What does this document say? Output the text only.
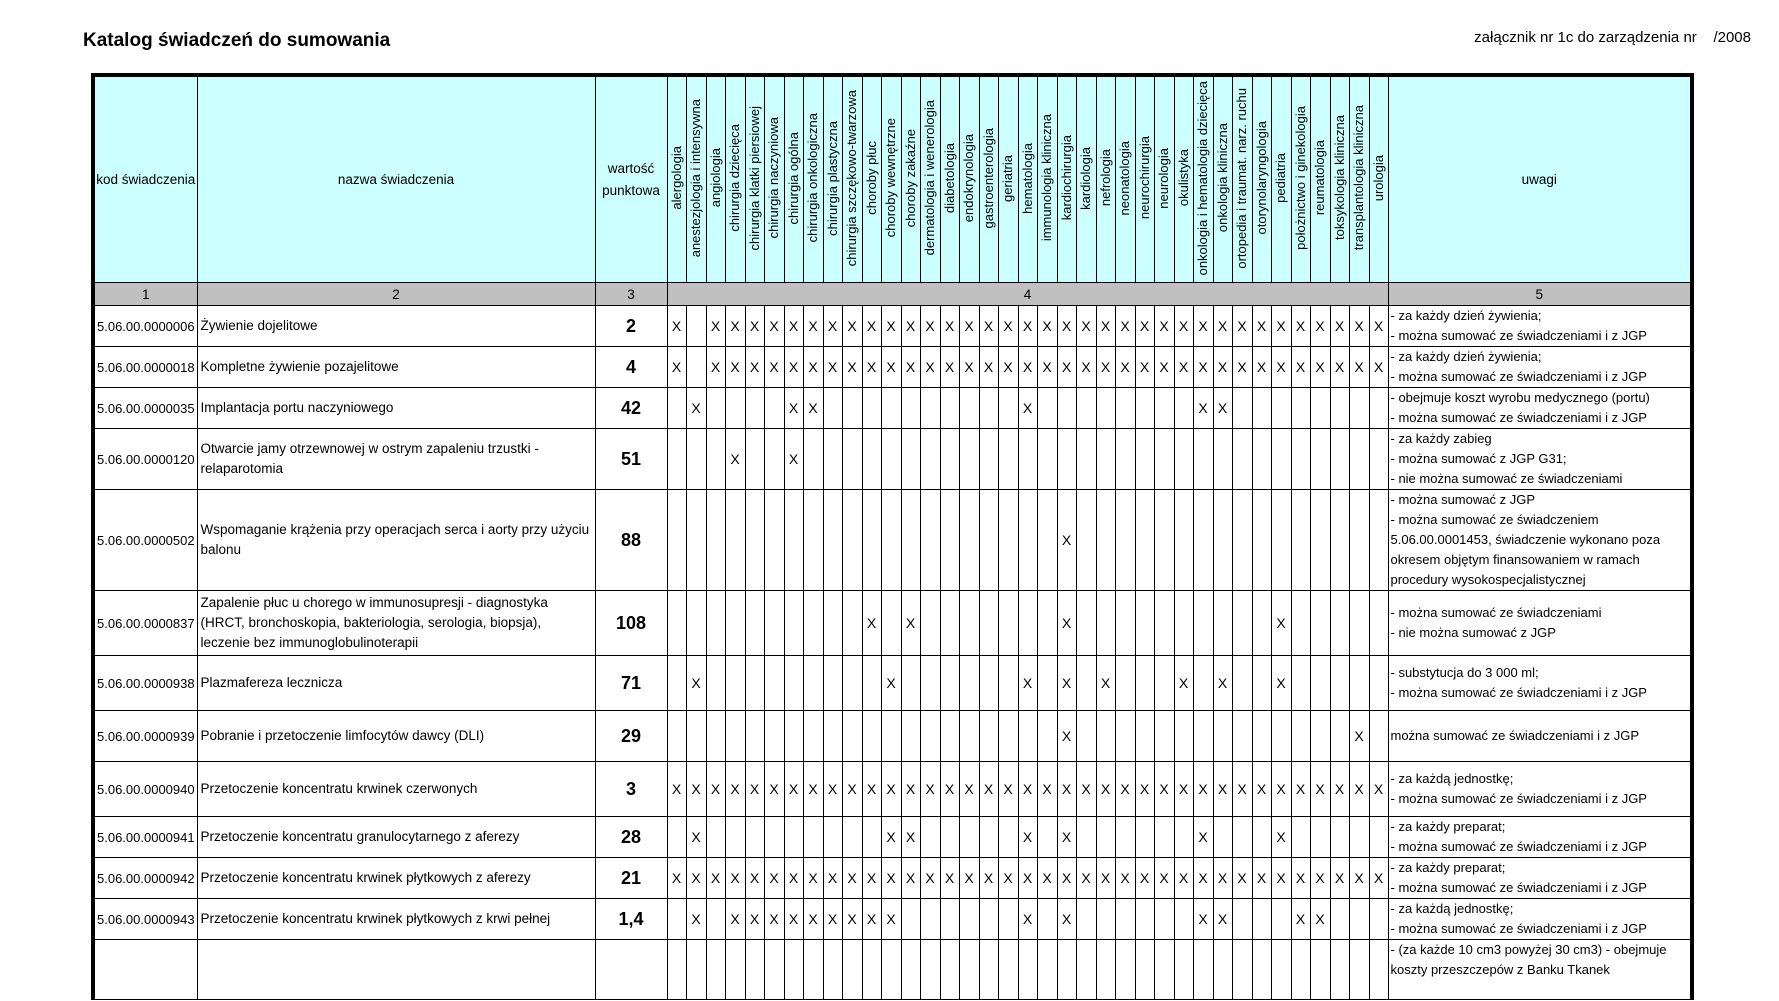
Katalog świadczeń do sumowania	załącznik nr 1c do zarządzenia nr    /2008
kod świadczenia	nazwa świadczenia	wartość punktowa	alergologia	anestezjologia i intensywna	angiologia	chirurgia dziecięca	chirurgia klatki piersiowej	chirurgia naczyniowa	chirurgia ogólna	chirurgia onkologiczna	chirurgia plastyczna	chirurgia szczękowo-twarzowa	choroby płuc	choroby wewnętrzne	choroby zakaźne	dermatologia i wenerologia	diabetologia	endokrynologia	gastroenterologia	geriatria	hematologia	immunologia kliniczna	kardiochirurgia	kardiologia	nefrologia	neonatologia	neurochirurgia	neurologia	okulistyka	onkologia i hematologia dziecięca	onkologia kliniczna	ortopedia i traumat. narz. ruchu	otorynolaryngologia	pediatria	położnictwo i ginekologia	reumatologia	toksykologia kliniczna	transplantologia kliniczna	urologia	uwagi
1	2	3	4																																					5
5.06.00.0000006	Żywienie dojelitowe	2	X		X	X	X	X	X	X	X	X	X	X	X	X	X	X	X	X	X	X	X	X	X	X	X	X	X	X	X	X	X	X	X	X	X	X	X	- za każdy dzień żywienia;
- można sumować ze świadczeniami i z JGP

5.06.00.0000018	Kompletne żywienie pozajelitowe	4	X		X	X	X	X	X	X	X	X	X	X	X	X	X	X	X	X	X	X	X	X	X	X	X	X	X	X	X	X	X	X	X	X	X	X	X	- za każdy dzień żywienia;
- można sumować ze świadczeniami i z JGP

5.06.00.0000035	Implantacja portu naczyniowego	42		X					X	X											X									X	X									- obejmuje koszt wyrobu medycznego (portu)
- można sumować ze świadczeniami i z JGP

5.06.00.0000120	Otwarcie jamy otrzewnowej w ostrym zapaleniu trzustki - relaparotomia	51				X			X																															- za każdy zabieg
- można sumować z JGP G31;
- nie można sumować ze świadczeniami

5.06.00.0000502	Wspomaganie krążenia przy operacjach serca i aorty przy użyciu balonu	88																					X																	- można sumować z JGP
- można sumować ze świadczeniem 5.06.00.0001453, świadczenie wykonano poza okresem objętym finansowaniem w ramach procedury wysokospecjalistycznej

5.06.00.0000837	Zapalenie płuc u chorego w immunosupresji - diagnostyka (HRCT, bronchoskopia, bakteriologia, serologia, biopsja), leczenie bez immunoglobulinoterapii	108											X		X								X											X						- można sumować ze świadczeniami
- nie można sumować z JGP

5.06.00.0000938	Plazmafereza lecznicza	71		X										X							X		X		X				X		X			X						- substytucja do 3 000 ml;
- można sumować ze świadczeniami i z JGP

5.06.00.0000939	Pobranie i przetoczenie limfocytów dawcy (DLI)	29																					X															X		można sumować ze świadczeniami i z JGP

5.06.00.0000940	Przetoczenie koncentratu krwinek czerwonych	3	X	X	X	X	X	X	X	X	X	X	X	X	X	X	X	X	X	X	X	X	X	X	X	X	X	X	X	X	X	X	X	X	X	X	X	X	X	- za każdą jednostkę;
- można sumować ze świadczeniami i z JGP

5.06.00.0000941	Przetoczenie koncentratu granulocytarnego z aferezy	28		X										X	X						X		X							X				X						- za każdy preparat;
- można sumować ze świadczeniami i z JGP

5.06.00.0000942	Przetoczenie koncentratu krwinek płytkowych z aferezy	21	X	X	X	X	X	X	X	X	X	X	X	X	X	X	X	X	X	X	X	X	X	X	X	X	X	X	X	X	X	X	X	X	X	X	X	X	X	- za każdy preparat;
- można sumować ze świadczeniami i z JGP

5.06.00.0000943	Przetoczenie koncentratu krwinek płytkowych z krwi pełnej	1,4		X		X	X	X	X	X	X	X	X	X							X		X							X	X				X	X				- za każdą jednostkę;
- można sumować ze świadczeniami i z JGP

																																								- (za każde 10 cm3 powyżej 30 cm3) - obejmuje
koszty przeszczepów z Banku Tkanek
